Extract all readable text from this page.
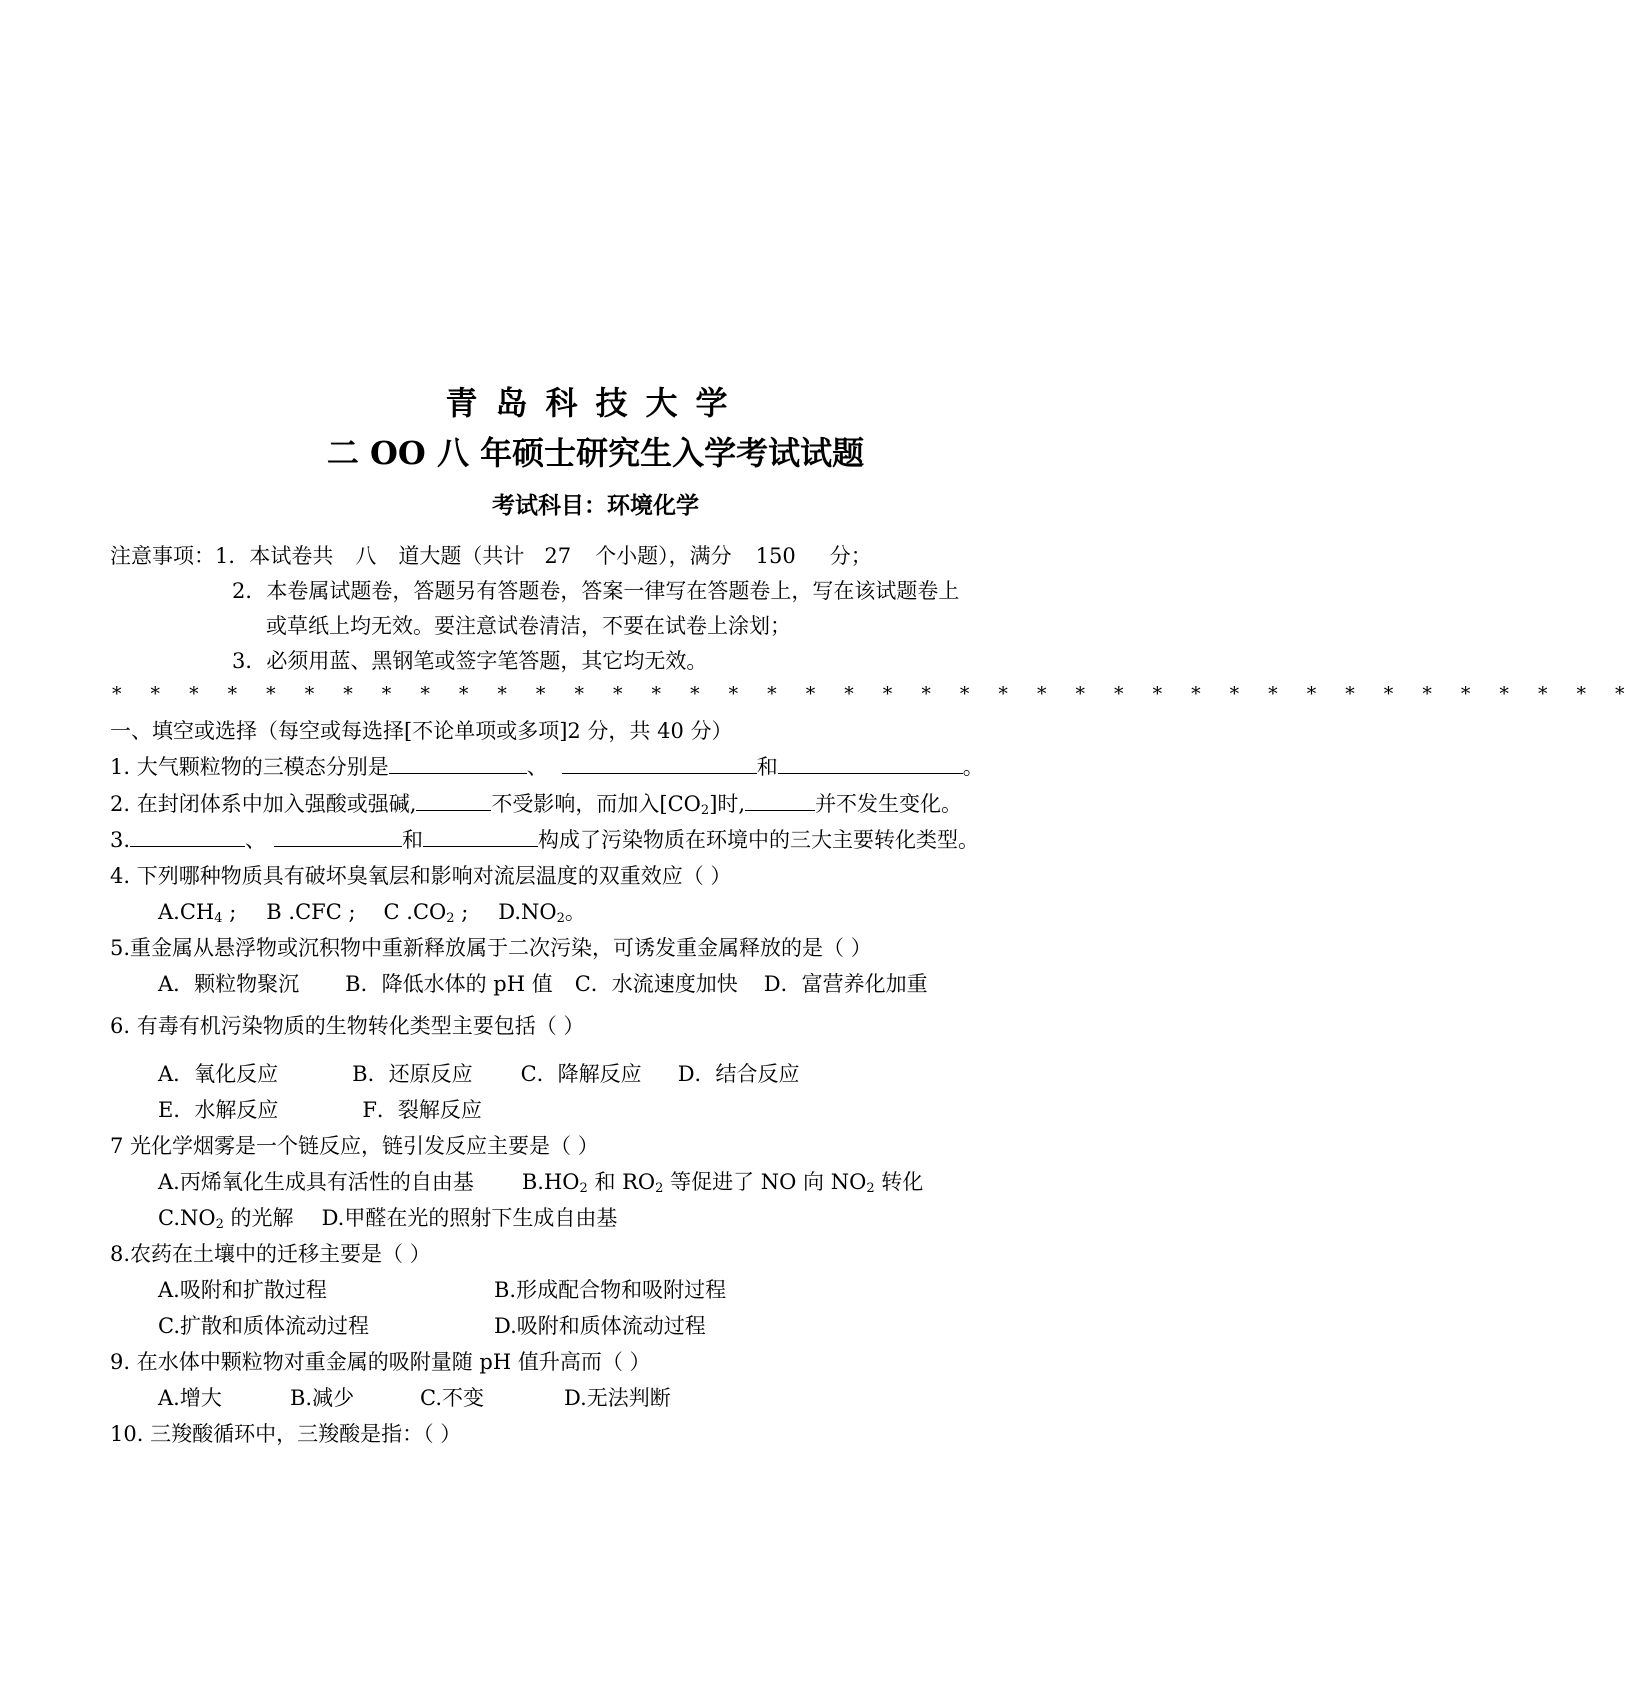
青岛科技大学
二 OO 八 年硕士研究生入学考试试题
考试科目：环境化学
注意事项：1．本试卷共 八 道大题（共计 27 个小题），满分 150 分；
2．本卷属试题卷，答题另有答题卷，答案一律写在答题卷上，写在该试题卷上
或草纸上均无效。要注意试卷清洁，不要在试卷上涂划；
3．必须用蓝、黑钢笔或签字笔答题，其它均无效。
* * * * * * * * * * * * * * * * * * * * * * * * * * * * * * * * * * * * * * * *
一、填空或选择（每空或每选择[不论单项或多项]2 分，共 40 分）
1. 大气颗粒物的三模态分别是	、	和	。
2. 在封闭体系中加入强酸或强碱,	不受影响，而加入$[CO_2]$时,	并不发生变化。
3.	、	和	构成了污染物质在环境中的三大主要转化类型。
4. 下列哪种物质具有破坏臭氧层和影响对流层温度的双重效应（ ）
$A.CH_4$ ; B .CFC ; C $.CO_2$ ; $D.NO_2$。
5.重金属从悬浮物或沉积物中重新释放属于二次污染，可诱发重金属释放的是（ ）
A．颗粒物聚沉 B．降低水体的 pH 值 C．水流速度加快 D．富营养化加重
6. 有毒有机污染物质的生物转化类型主要包括（ ）
A．氧化反应	B．还原反应 C．降解反应 D．结合反应
E．水解反应	F．裂解反应
7 光化学烟雾是一个链反应，链引发反应主要是（ ）
A.丙烯氧化生成具有活性的自由基 $B.HO_2$ 和 $RO_2$ 等促进了 NO 向 $NO_2$ 转化
$C.NO_2$ 的光解 D.甲醛在光的照射下生成自由基
8.农药在土壤中的迁移主要是（ ）
A.吸附和扩散过程	B.形成配合物和吸附过程
C.扩散和质体流动过程	D.吸附和质体流动过程
9. 在水体中颗粒物对重金属的吸附量随 pH 值升高而（ ）
A.增大	B.减少	C.不变	D.无法判断
10. 三羧酸循环中，三羧酸是指：（ ）
